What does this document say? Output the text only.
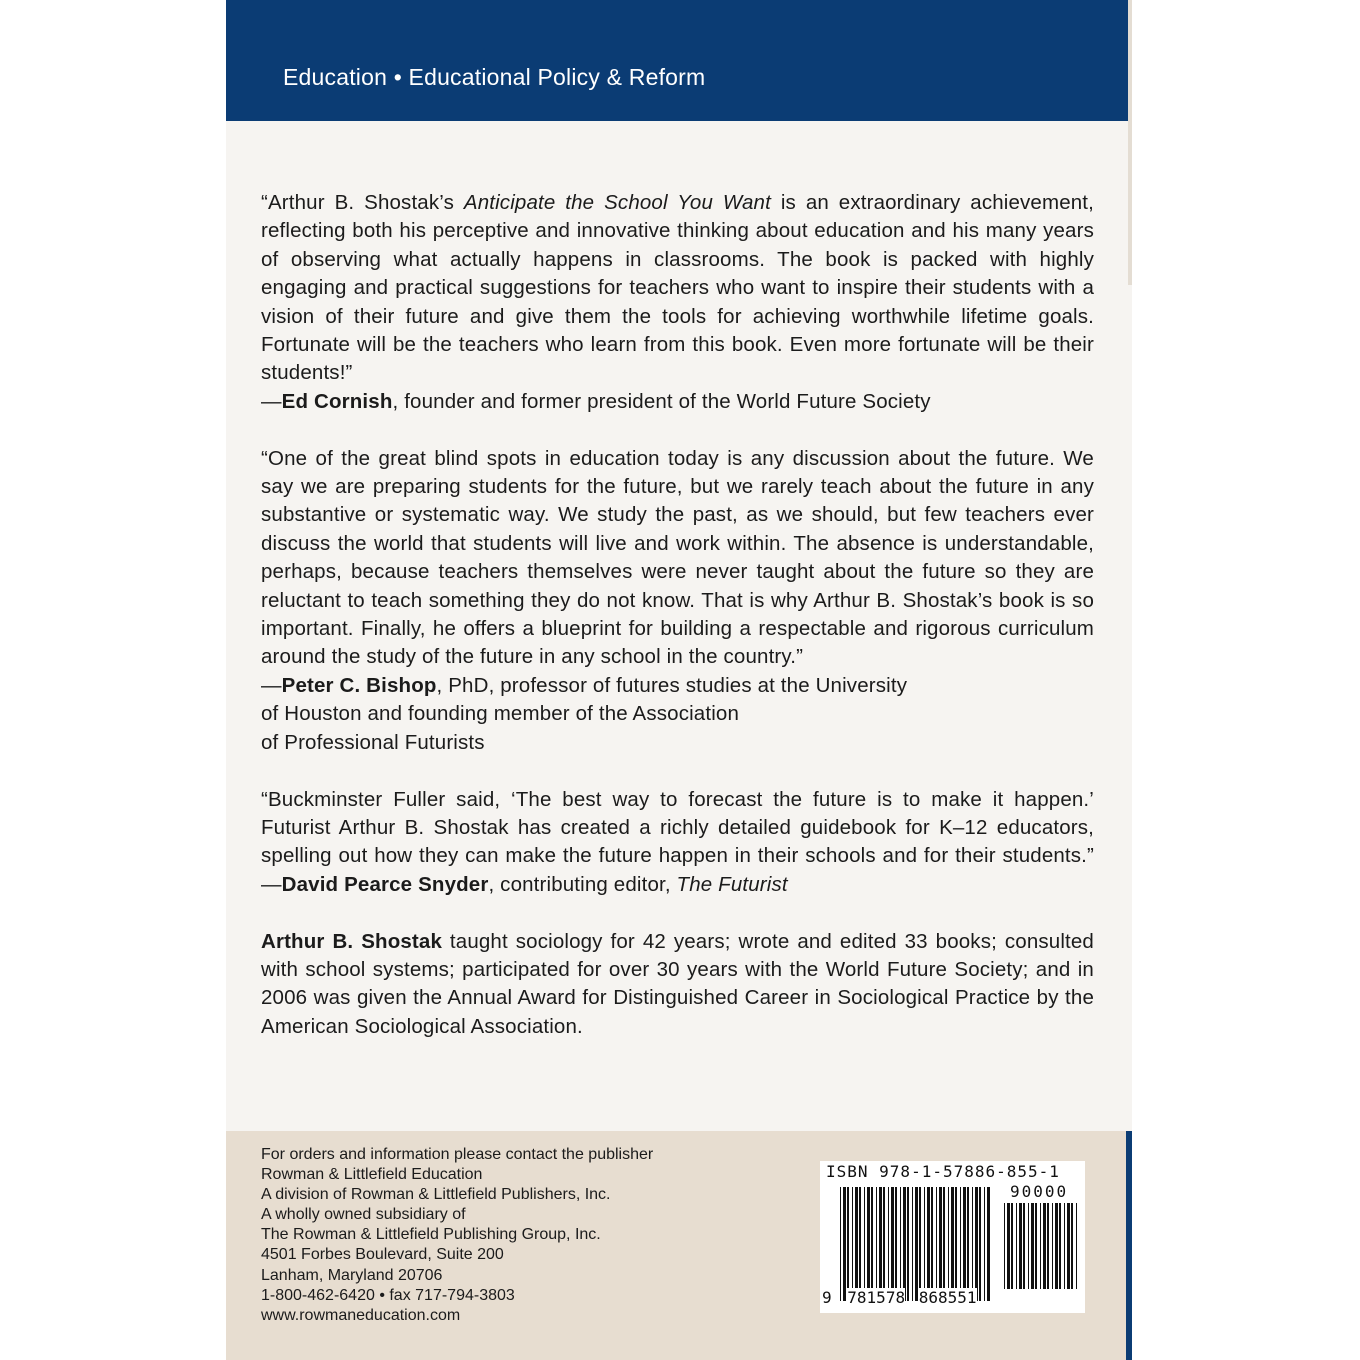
Education • Educational Policy & Reform

“Arthur B. Shostak’s Anticipate the School You Want is an extraordinary achievement, reflecting both his perceptive and innovative thinking about education and his many years of observing what actually happens in classrooms. The book is packed with highly engaging and practical suggestions for teachers who want to inspire their students with a vision of their future and give them the tools for achieving worthwhile lifetime goals. Fortunate will be the teachers who learn from this book. Even more fortunate will be their students!”

—Ed Cornish, founder and former president of the World Future Society

“One of the great blind spots in education today is any discussion about the future. We say we are preparing students for the future, but we rarely teach about the future in any substantive or systematic way. We study the past, as we should, but few teachers ever discuss the world that students will live and work within. The absence is understandable, perhaps, because teachers themselves were never taught about the future so they are reluctant to teach something they do not know. That is why Arthur B. Shostak’s book is so important. Finally, he offers a blueprint for building a respectable and rigorous curriculum around the study of the future in any school in the country.”

—Peter C. Bishop, PhD, professor of futures studies at the University
of Houston and founding member of the Association
of Professional Futurists

“Buckminster Fuller said, ‘The best way to forecast the future is to make it happen.’ Futurist Arthur B. Shostak has created a richly detailed guidebook for K–12 educators, spelling out how they can make the future happen in their schools and for their students.” —David Pearce Snyder, contributing editor, The Futurist

Arthur B. Shostak taught sociology for 42 years; wrote and edited 33 books; consulted with school systems; participated for over 30 years with the World Future Society; and in 2006 was given the Annual Award for Distinguished Career in Sociological Practice by the American Sociological Association.

For orders and information please contact the publisher
Rowman & Littlefield Education
A division of Rowman & Littlefield Publishers, Inc.
A wholly owned subsidiary of
The Rowman & Littlefield Publishing Group, Inc.
4501 Forbes Boulevard, Suite 200
Lanham, Maryland 20706
1-800-462-6420 • fax 717-794-3803
www.rowmaneducation.com
ISBN 978-1-57886-855-1
90000
9 781578 868551
